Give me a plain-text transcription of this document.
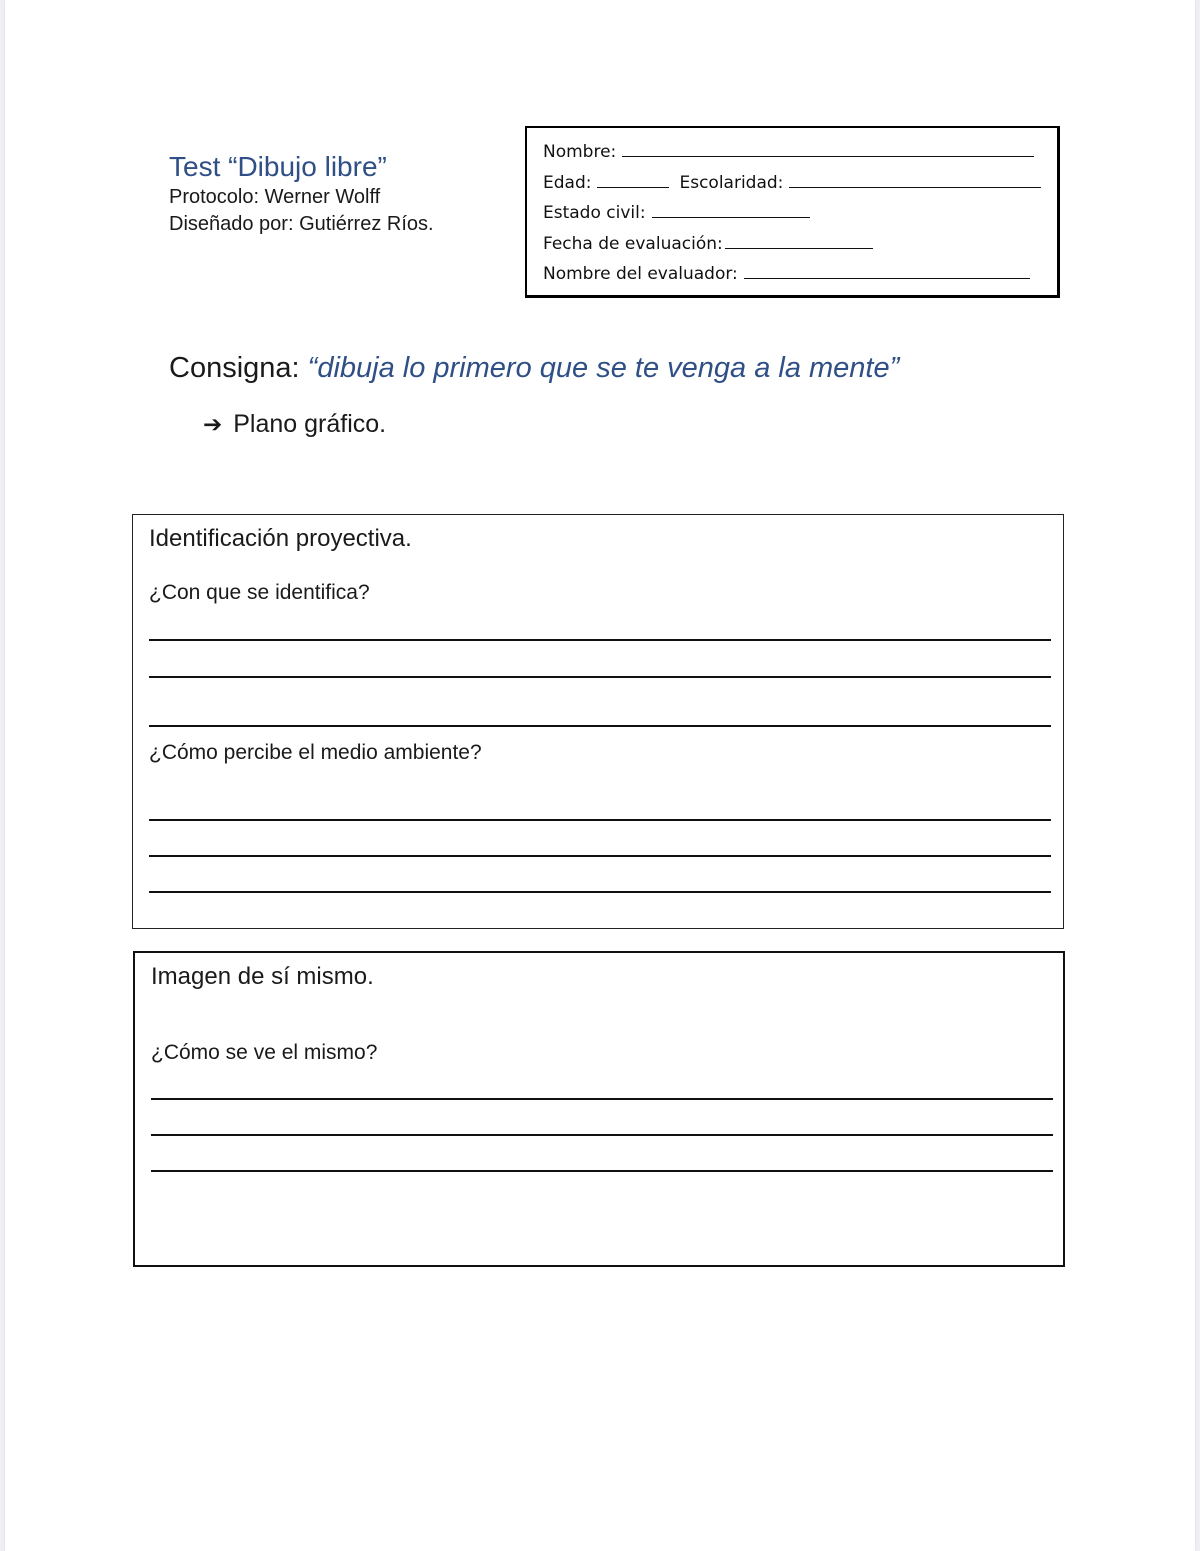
Test “Dibujo libre”
Protocolo: Werner Wolff
Diseñado por: Gutiérrez Ríos.
Nombre:
Edad:	Escolaridad:
Estado civil:
Fecha de evaluación:
Nombre del evaluador:
Consigna: “dibuja lo primero que se te venga a la mente”
➔ Plano gráfico.
Identificación proyectiva.
¿Con que se identifica?
¿Cómo percibe el medio ambiente?
Imagen de sí mismo.
¿Cómo se ve el mismo?
